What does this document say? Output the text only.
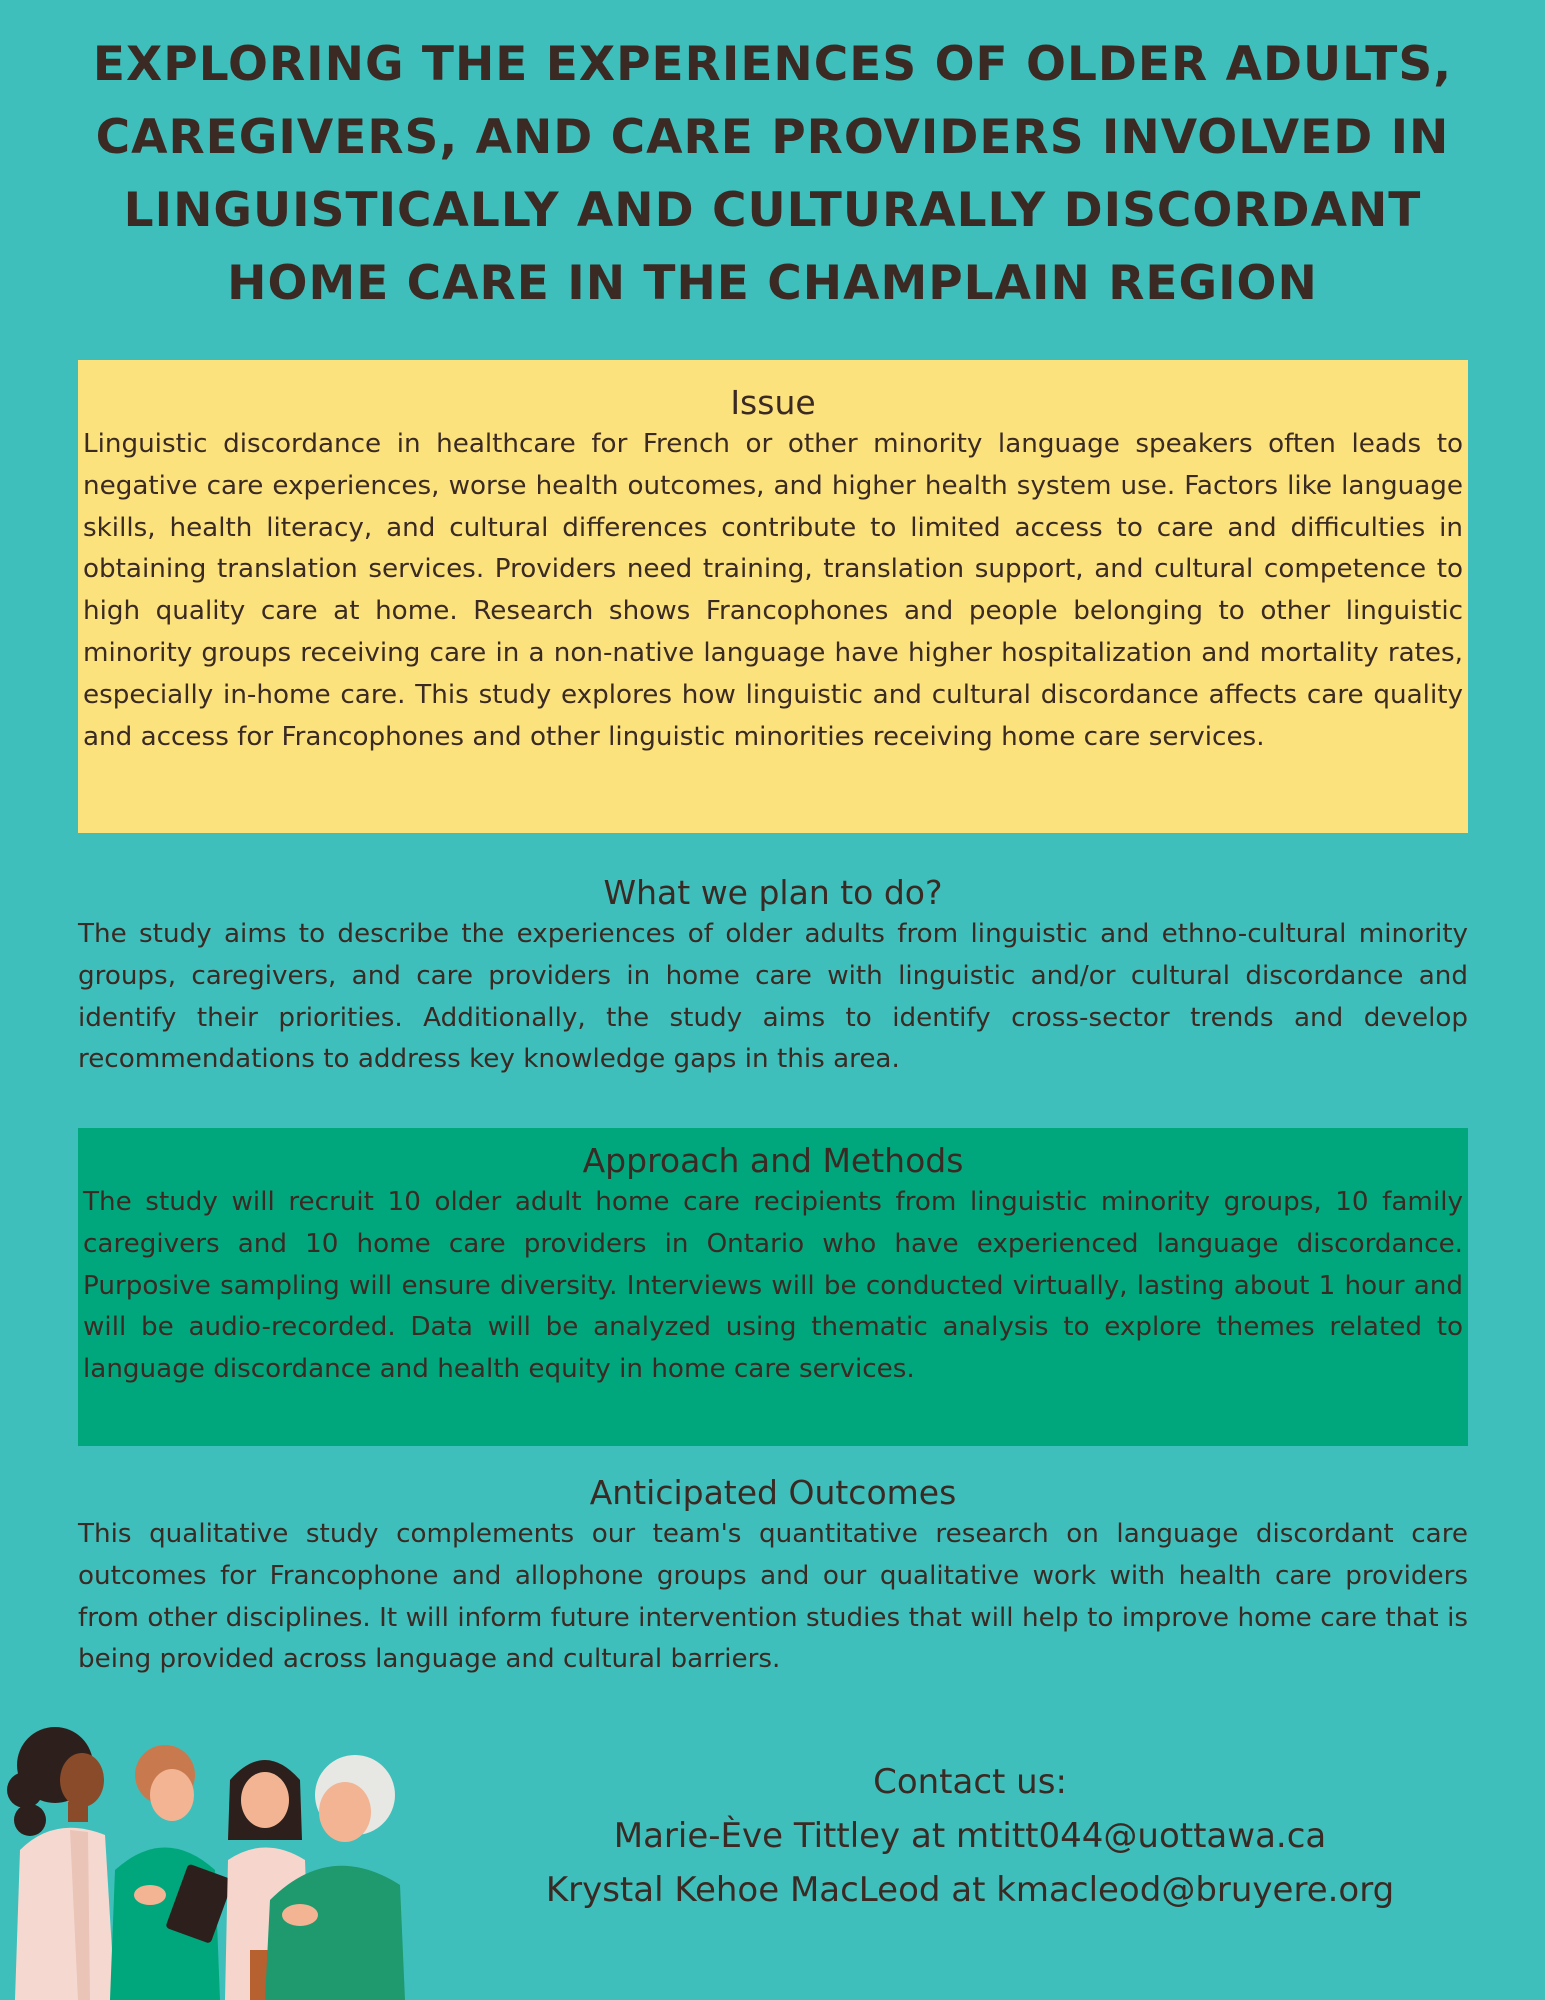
EXPLORING THE EXPERIENCES OF OLDER ADULTS, CAREGIVERS, AND CARE PROVIDERS INVOLVED IN LINGUISTICALLY AND CULTURALLY DISCORDANT HOME CARE IN THE CHAMPLAIN REGION
Issue

Linguistic discordance in healthcare for French or other minority language speakers often leads to negative care experiences, worse health outcomes, and higher health system use. Factors like language skills, health literacy, and cultural differences contribute to limited access to care and difficulties in obtaining translation services. Providers need training, translation support, and cultural competence to high quality care at home. Research shows Francophones and people belonging to other linguistic minority groups receiving care in a non-native language have higher hospitalization and mortality rates, especially in-home care. This study explores how linguistic and cultural discordance affects care quality and access for Francophones and other linguistic minorities receiving home care services.

What we plan to do?

The study aims to describe the experiences of older adults from linguistic and ethno-cultural minority groups, caregivers, and care providers in home care with linguistic and/or cultural discordance and identify their priorities. Additionally, the study aims to identify cross-sector trends and develop recommendations to address key knowledge gaps in this area.

Approach and Methods

The study will recruit 10 older adult home care recipients from linguistic minority groups, 10 family caregivers and 10 home care providers in Ontario who have experienced language discordance. Purposive sampling will ensure diversity. Interviews will be conducted virtually, lasting about 1 hour and will be audio-recorded. Data will be analyzed using thematic analysis to explore themes related to language discordance and health equity in home care services.

Anticipated Outcomes

This qualitative study complements our team's quantitative research on language discordant care outcomes for Francophone and allophone groups and our qualitative work with health care providers from other disciplines. It will inform future intervention studies that will help to improve home care that is being provided across language and cultural barriers.

Contact us:
Marie-Ève Tittley at mtitt044@uottawa.ca
Krystal Kehoe MacLeod at kmacleod@bruyere.org
